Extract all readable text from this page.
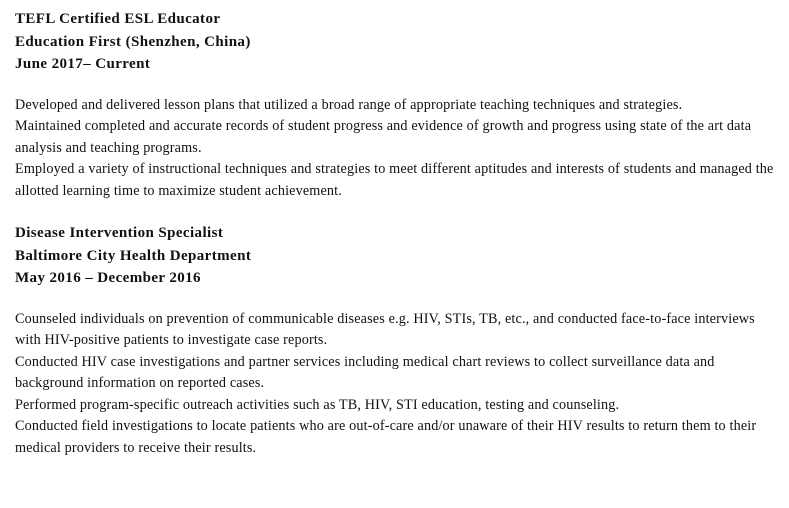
TEFL Certified ESL Educator
Education First (Shenzhen, China)
June 2017– Current
Developed and delivered lesson plans that utilized a broad range of appropriate teaching techniques and strategies.
Maintained completed and accurate records of student progress and evidence of growth and progress using state of the art data analysis and teaching programs.
Employed a variety of instructional techniques and strategies to meet different aptitudes and interests of students and managed the allotted learning time to maximize student achievement.
Disease Intervention Specialist
Baltimore City Health Department
May 2016 – December 2016
Counseled individuals on prevention of communicable diseases e.g. HIV, STIs, TB, etc., and conducted face-to-face interviews with HIV-positive patients to investigate case reports.
Conducted HIV case investigations and partner services including medical chart reviews to collect surveillance data and background information on reported cases.
Performed program-specific outreach activities such as TB, HIV, STI education, testing and counseling.
Conducted field investigations to locate patients who are out-of-care and/or unaware of their HIV results to return them to their medical providers to receive their results.
